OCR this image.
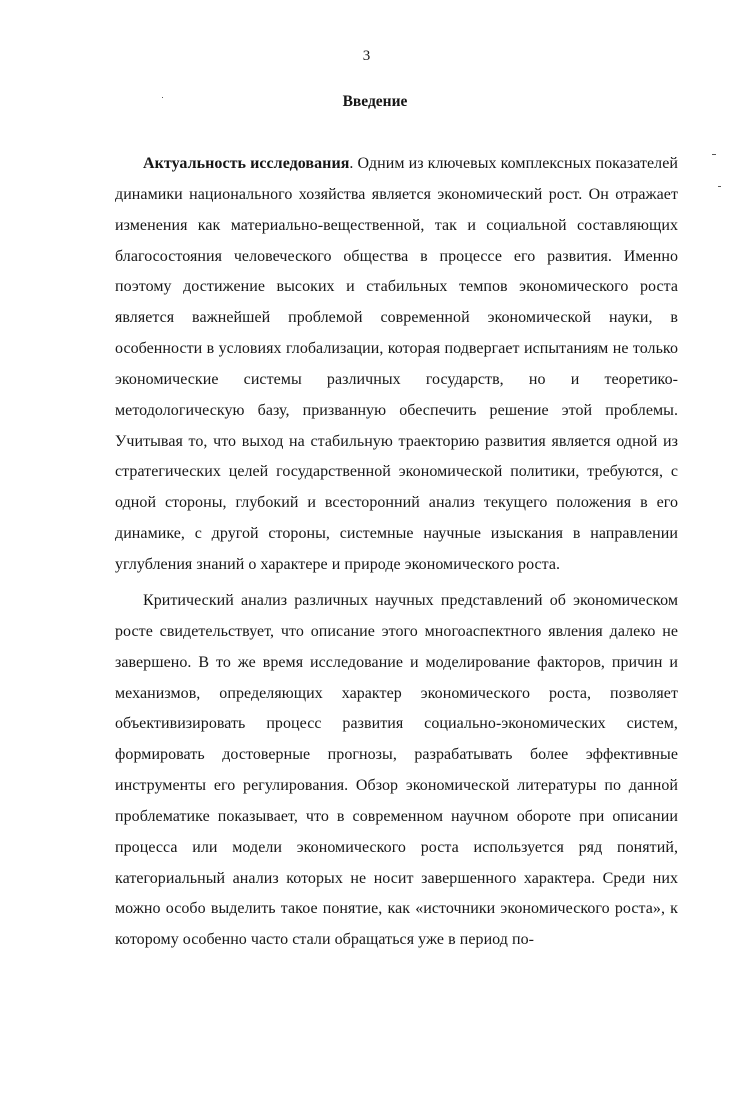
3
Введение

Актуальность исследования. Одним из ключевых комплексных показателей динамики национального хозяйства является экономический рост. Он отражает изменения как материально-вещественной, так и социальной составляющих благосостояния человеческого общества в процессе его развития. Именно поэтому достижение высоких и стабильных темпов экономического роста является важнейшей проблемой современной экономической науки, в особенности в условиях глобализации, которая подвергает испытаниям не только экономические системы различных государств, но и теоретико-методологическую базу, призванную обеспечить решение этой проблемы. Учитывая то, что выход на стабильную траекторию развития является одной из стратегических целей государственной экономической политики, требуются, с одной стороны, глубокий и всесторонний анализ текущего положения в его динамике, с другой стороны, системные научные изыскания в направлении углубления знаний о характере и природе экономического роста.

Критический анализ различных научных представлений об экономическом росте свидетельствует, что описание этого многоаспектного явления далеко не завершено. В то же время исследование и моделирование факторов, причин и механизмов, определяющих характер экономического роста, позволяет объективизировать процесс развития социально-экономических систем, формировать достоверные прогнозы, разрабатывать более эффективные инструменты его регулирования. Обзор экономической литературы по данной проблематике показывает, что в современном научном обороте при описании процесса или модели экономического роста используется ряд понятий, категориальный анализ которых не носит завершенного характера. Среди них можно особо выделить такое понятие, как «источники экономического роста», к которому особенно часто стали обращаться уже в период по-
